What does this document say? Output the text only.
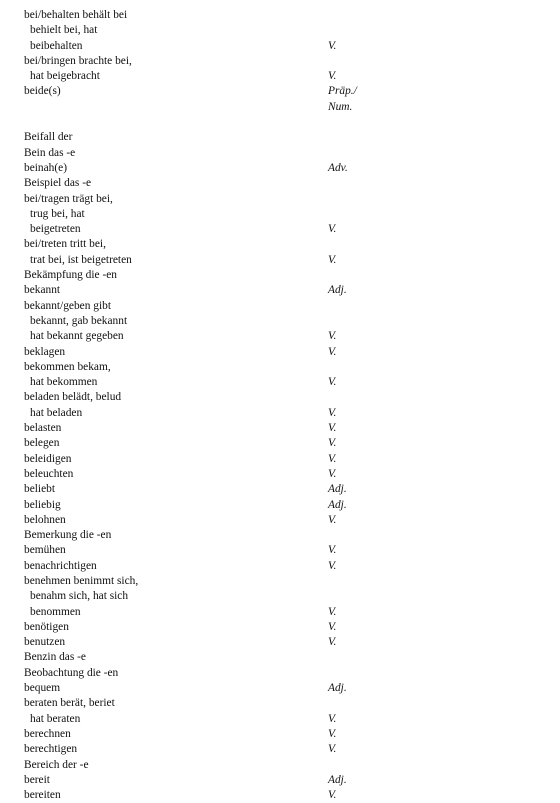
bei/behalten behält bei
behielt bei, hat
beibehalten	V.
bei/bringen brachte bei,
hat beigebracht	V.
beide(s)	Präp./
Num.
Beifall der
Bein das -e
beinah(e)	Adv.
Beispiel das -e
bei/tragen trägt bei,
trug bei, hat
beigetreten	V.
bei/treten tritt bei,
trat bei, ist beigetreten	V.
Bekämpfung die -en
bekannt	Adj.
bekannt/geben gibt
bekannt, gab bekannt
hat bekannt gegeben	V.
beklagen	V.
bekommen bekam,
hat bekommen	V.
beladen belädt, belud
hat beladen	V.
belasten	V.
belegen	V.
beleidigen	V.
beleuchten	V.
beliebt	Adj.
beliebig	Adj.
belohnen	V.
Bemerkung die -en
bemühen	V.
benachrichtigen	V.
benehmen benimmt sich,
benahm sich, hat sich
benommen	V.
benötigen	V.
benutzen	V.
Benzin das -e
Beobachtung die -en
bequem	Adj.
beraten berät, beriet
hat beraten	V.
berechnen	V.
berechtigen	V.
Bereich der -e
bereit	Adj.
bereiten	V.
